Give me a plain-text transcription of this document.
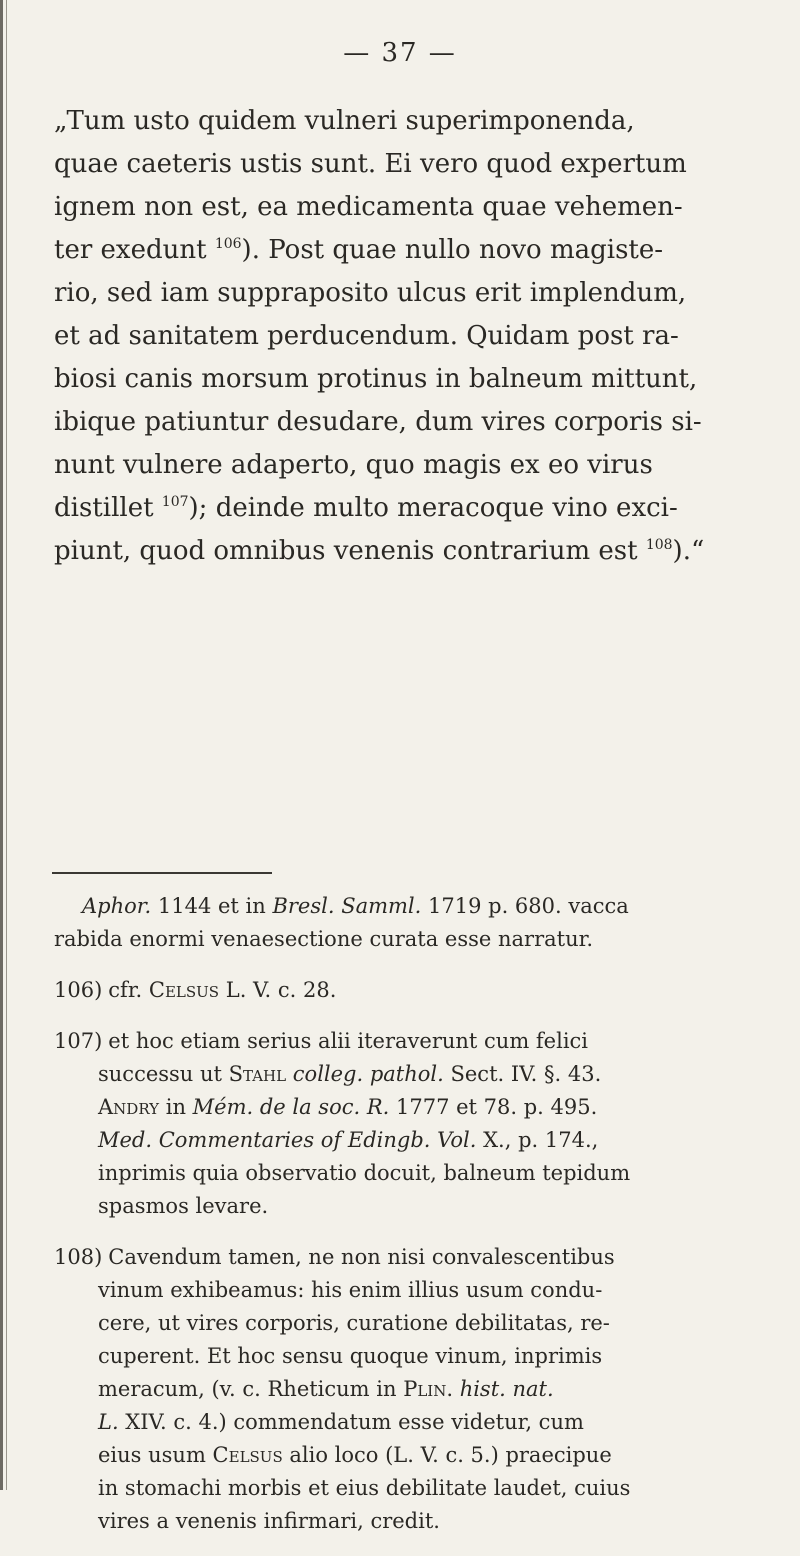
— 37 —
„Tum usto quidem vulneri superimponenda,
quae caeteris ustis sunt. Ei vero quod expertum
ignem non est, ea medicamenta quae vehemen-
ter exedunt $^{106}$). Post quae nullo novo magiste-
rio, sed iam suppraposito ulcus erit implendum,
et ad sanitatem perducendum. Quidam post ra-
biosi canis morsum protinus in balneum mittunt,
ibique patiuntur desudare, dum vires corporis si-
nunt vulnere adaperto, quo magis ex eo virus
distillet $^{107}$); deinde multo meracoque vino exci-
piunt, quod omnibus venenis contrarium est $^{108}$).“
Aphor. 1144 et in Bresl. Samml. 1719 p. 680. vacca
rabida enormi venaesectione curata esse narratur.
106) cfr. Celsus L. V. c. 28.
107) et hoc etiam serius alii iteraverunt cum felici
successu ut Stahl colleg. pathol. Sect. IV. §. 43.
Andry in Mém. de la soc. R. 1777 et 78. p. 495.
Med. Commentaries of Edingb. Vol. X., p. 174.,
inprimis quia observatio docuit, balneum tepidum
spasmos levare.
108) Cavendum tamen, ne non nisi convalescentibus
vinum exhibeamus: his enim illius usum condu-
cere, ut vires corporis, curatione debilitatas, re-
cuperent. Et hoc sensu quoque vinum, inprimis
meracum, (v. c. Rheticum in Plin. hist. nat.
L. XIV. c. 4.) commendatum esse videtur, cum
eius usum Celsus alio loco (L. V. c. 5.) praecipue
in stomachi morbis et eius debilitate laudet, cuius
vires a venenis infirmari, credit.
